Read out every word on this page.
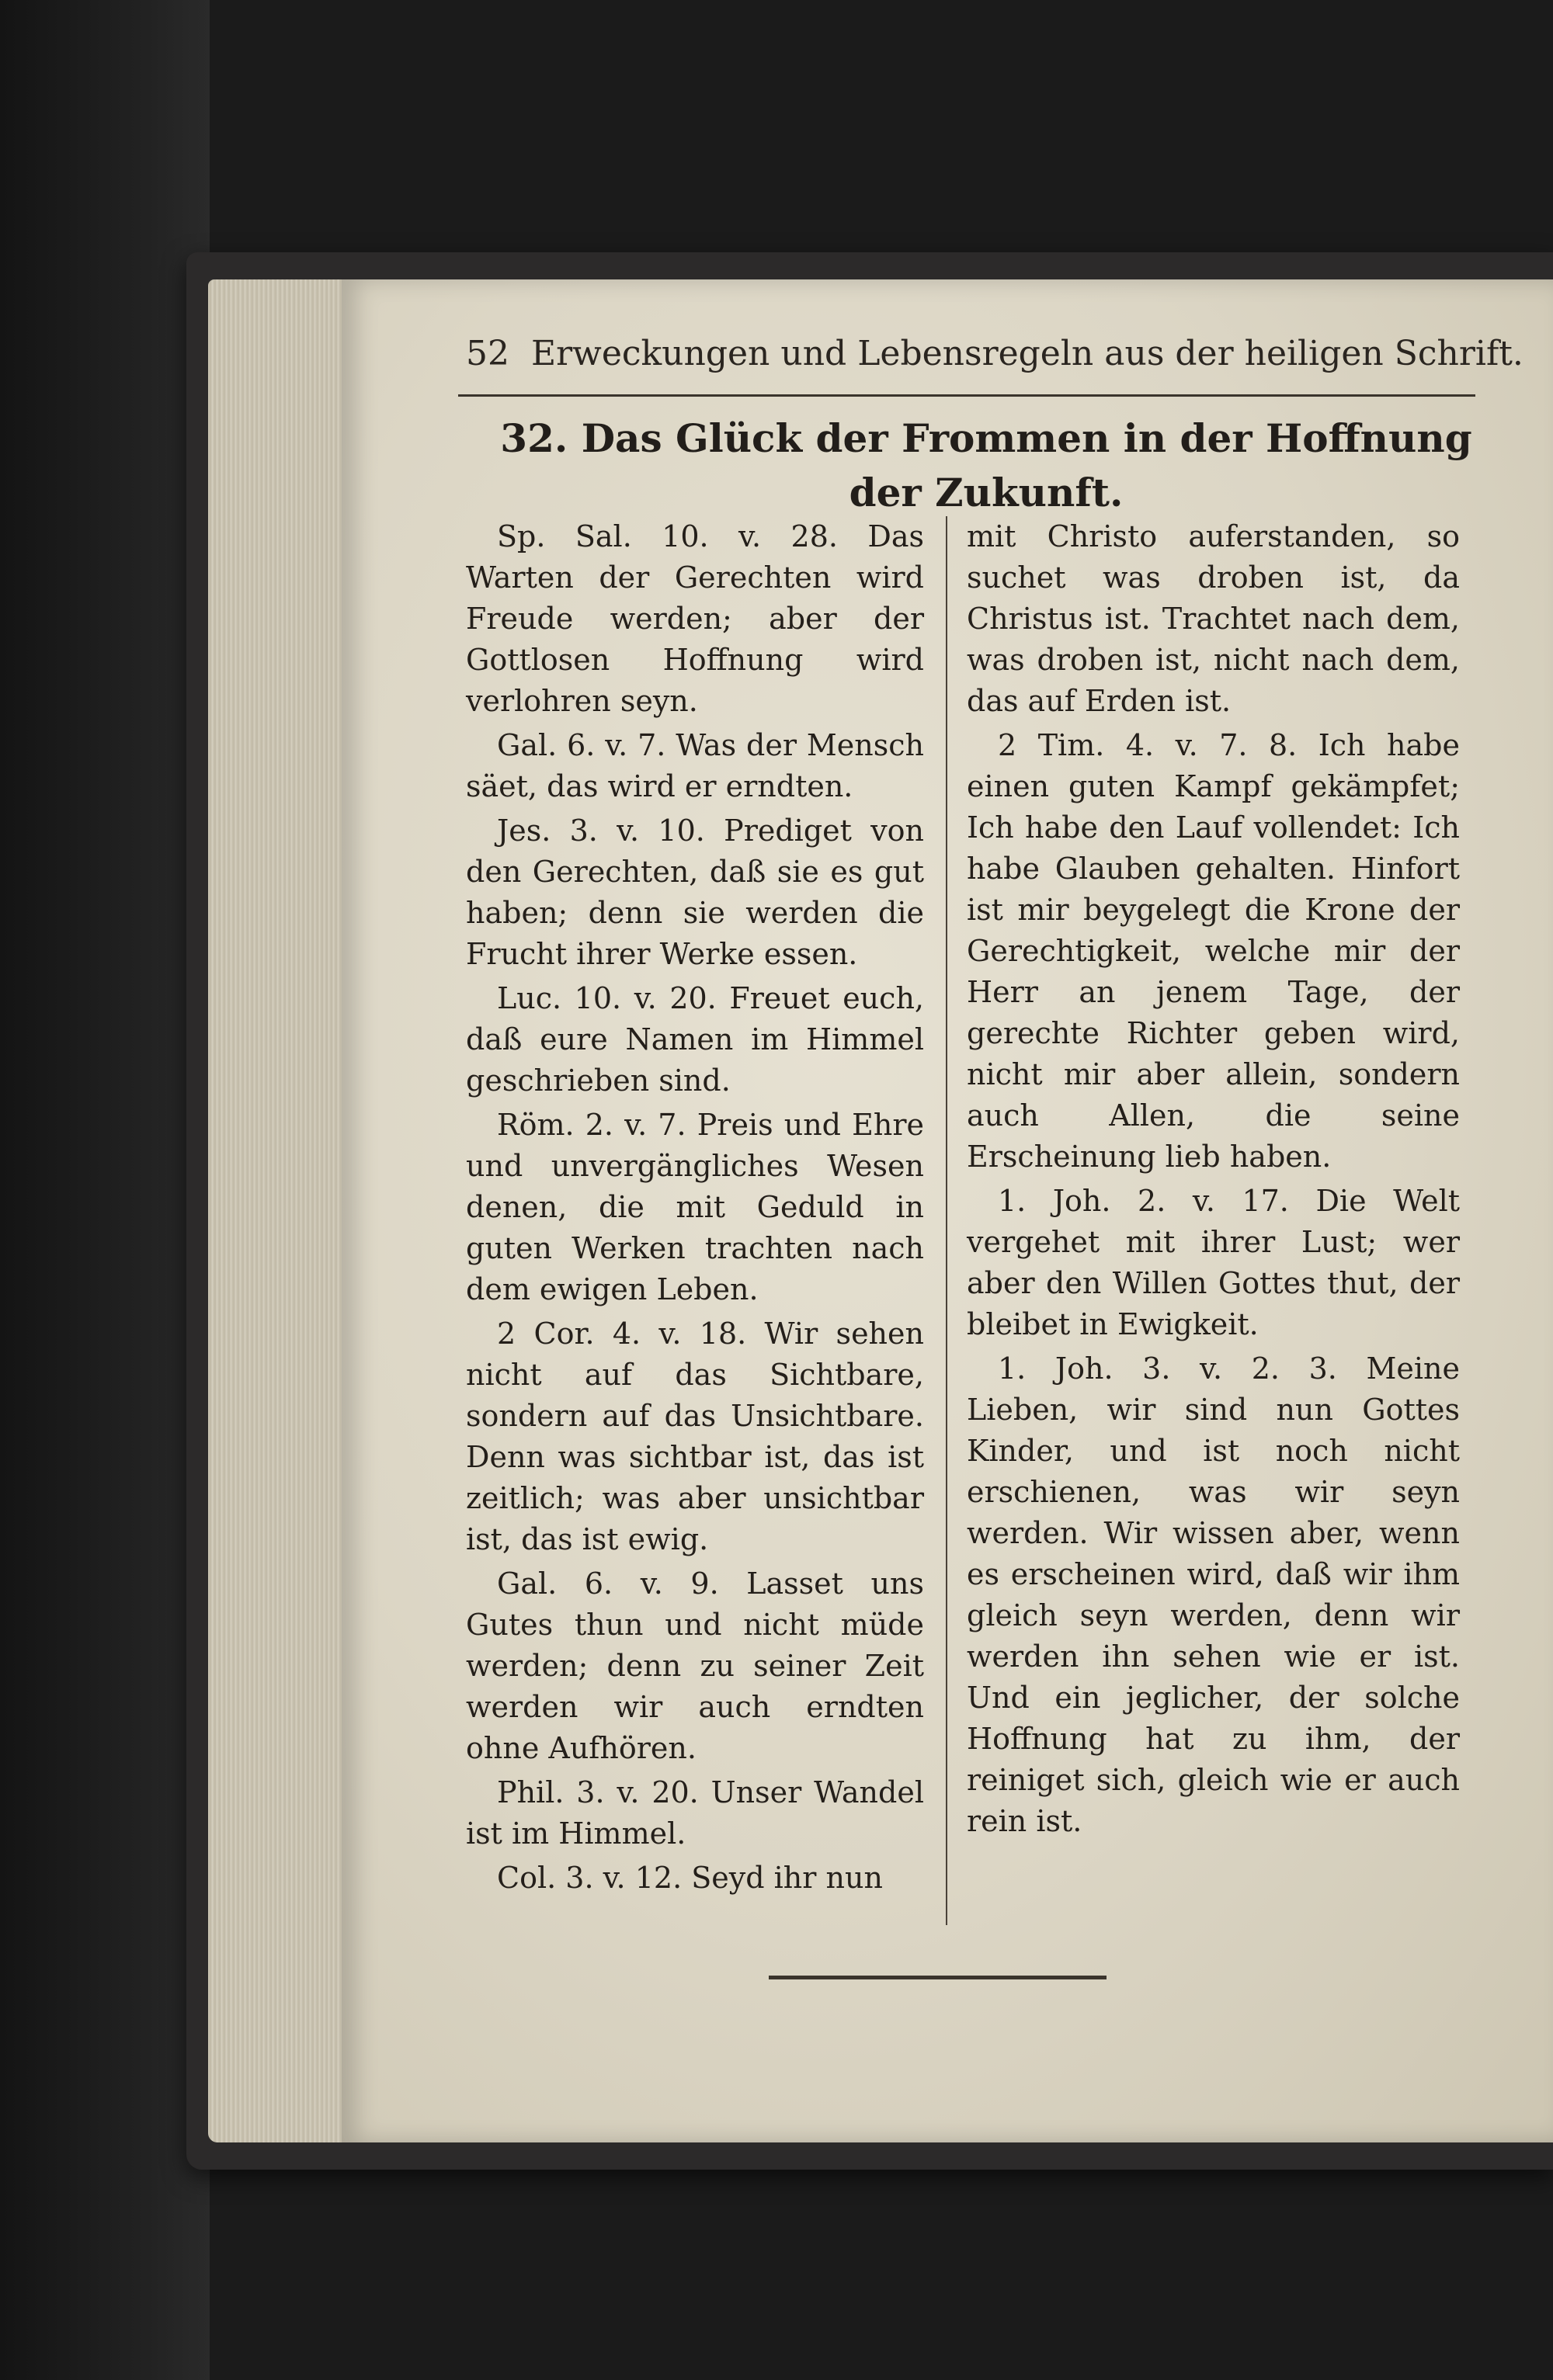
52 Erweckungen und Lebensregeln aus der heiligen Schrift.
32. Das Glück der Frommen in der Hoffnung
der Zukunft.

Sp. Sal. 10. v. 28. Das Warten der Gerechten wird Freude werden; aber der Gottlosen Hoffnung wird verlohren seyn.

Gal. 6. v. 7. Was der Mensch säet, das wird er erndten.

Jes. 3. v. 10. Prediget von den Gerechten, daß sie es gut haben; denn sie werden die Frucht ihrer Werke essen.

Luc. 10. v. 20. Freuet euch, daß eure Namen im Himmel geschrieben sind.

Röm. 2. v. 7. Preis und Ehre und unvergängliches Wesen denen, die mit Geduld in guten Werken trachten nach dem ewigen Leben.

2 Cor. 4. v. 18. Wir sehen nicht auf das Sichtbare, sondern auf das Unsichtbare. Denn was sichtbar ist, das ist zeitlich; was aber unsichtbar ist, das ist ewig.

Gal. 6. v. 9. Lasset uns Gutes thun und nicht müde werden; denn zu seiner Zeit werden wir auch erndten ohne Aufhören.

Phil. 3. v. 20. Unser Wandel ist im Himmel.

Col. 3. v. 12. Seyd ihr nun

mit Christo auferstanden, so suchet was droben ist, da Christus ist. Trachtet nach dem, was droben ist, nicht nach dem, das auf Erden ist.

2 Tim. 4. v. 7. 8. Ich habe einen guten Kampf gekämpfet; Ich habe den Lauf vollendet: Ich habe Glauben gehalten. Hinfort ist mir beygelegt die Krone der Gerechtigkeit, welche mir der Herr an jenem Tage, der gerechte Richter geben wird, nicht mir aber allein, sondern auch Allen, die seine Erscheinung lieb haben.

1. Joh. 2. v. 17. Die Welt vergehet mit ihrer Lust; wer aber den Willen Gottes thut, der bleibet in Ewigkeit.

1. Joh. 3. v. 2. 3. Meine Lieben, wir sind nun Gottes Kinder, und ist noch nicht erschienen, was wir seyn werden. Wir wissen aber, wenn es erscheinen wird, daß wir ihm gleich seyn werden, denn wir werden ihn sehen wie er ist. Und ein jeglicher, der solche Hoffnung hat zu ihm, der reiniget sich, gleich wie er auch rein ist.
